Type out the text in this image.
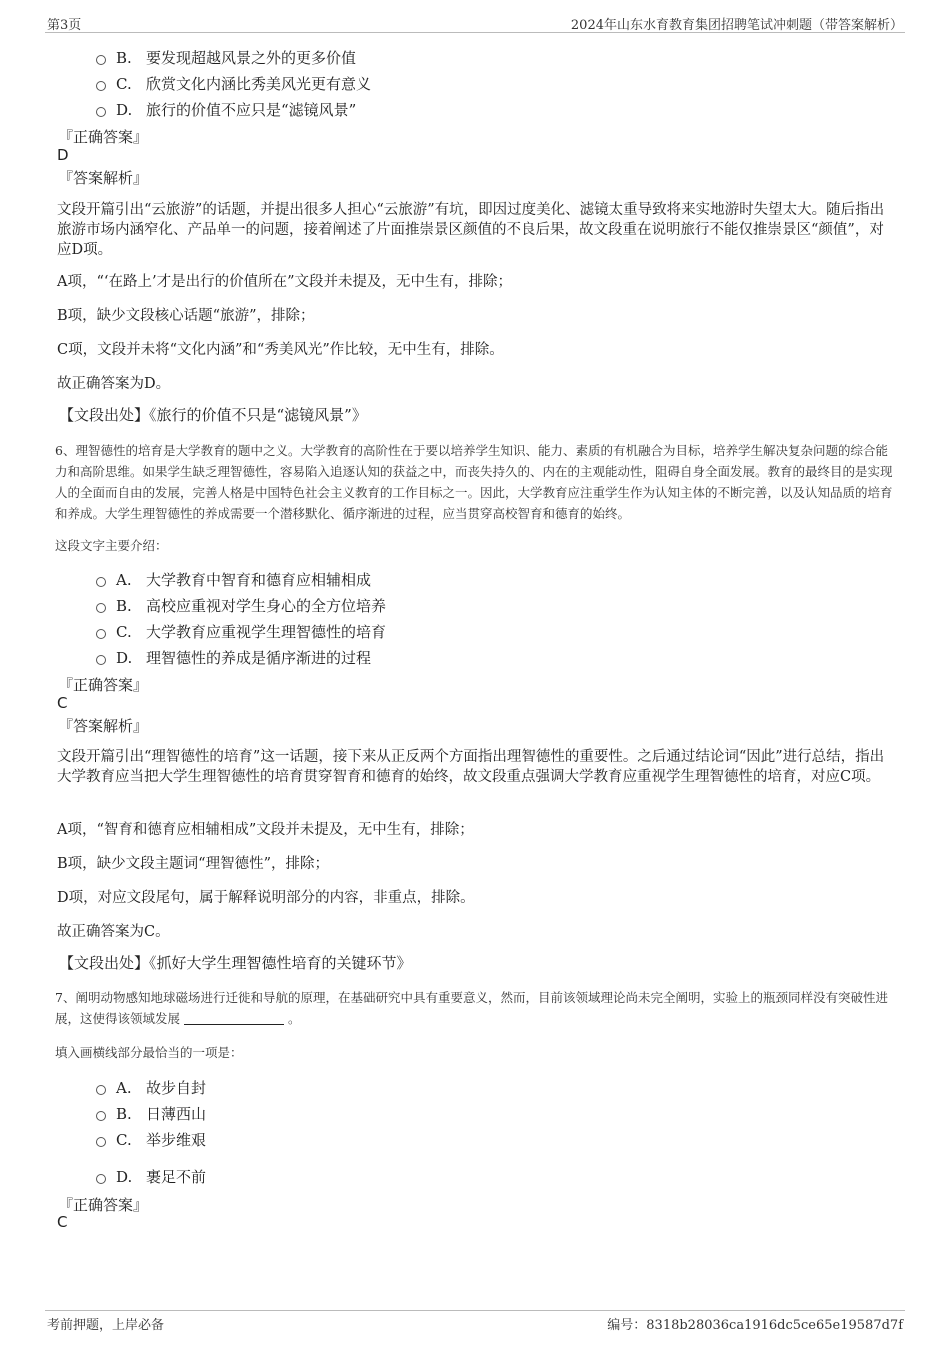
第3页	2024年山东水育教育集团招聘笔试冲刺题（带答案解析）
B. 要发现超越风景之外的更多价值
C. 欣赏文化内涵比秀美风光更有意义
D. 旅行的价值不应只是“滤镜风景”
『正确答案』
D
『答案解析』
文段开篇引出“云旅游”的话题，并提出很多人担心“云旅游”有坑，即因过度美化、滤镜太重导致将来实地游时失望太大。随后指出旅游市场内涵窄化、产品单一的问题，接着阐述了片面推崇景区颜值的不良后果，故文段重在说明旅行不能仅推崇景区“颜值”，对应D项。
A项，“‘在路上’才是出行的价值所在”文段并未提及，无中生有，排除；
B项，缺少文段核心话题“旅游”，排除；
C项，文段并未将“文化内涵”和“秀美风光”作比较，无中生有，排除。
故正确答案为D。
【文段出处】《旅行的价值不只是“滤镜风景”》
6、理智德性的培育是大学教育的题中之义。大学教育的高阶性在于要以培养学生知识、能力、素质的有机融合为目标，培养学生解决复杂问题的综合能力和高阶思维。如果学生缺乏理智德性，容易陷入追逐认知的获益之中，而丧失持久的、内在的主观能动性，阻碍自身全面发展。教育的最终目的是实现人的全面而自由的发展，完善人格是中国特色社会主义教育的工作目标之一。因此，大学教育应注重学生作为认知主体的不断完善，以及认知品质的培育和养成。大学生理智德性的养成需要一个潜移默化、循序渐进的过程，应当贯穿高校智育和德育的始终。
这段文字主要介绍：
A. 大学教育中智育和德育应相辅相成
B. 高校应重视对学生身心的全方位培养
C. 大学教育应重视学生理智德性的培育
D. 理智德性的养成是循序渐进的过程
『正确答案』
C
『答案解析』
文段开篇引出“理智德性的培育”这一话题，接下来从正反两个方面指出理智德性的重要性。之后通过结论词“因此”进行总结，指出大学教育应当把大学生理智德性的培育贯穿智育和德育的始终，故文段重点强调大学教育应重视学生理智德性的培育，对应C项。
A项，“智育和德育应相辅相成”文段并未提及，无中生有，排除；
B项，缺少文段主题词“理智德性”，排除；
D项，对应文段尾句，属于解释说明部分的内容，非重点，排除。
故正确答案为C。
【文段出处】《抓好大学生理智德性培育的关键环节》
7、阐明动物感知地球磁场进行迁徙和导航的原理，在基础研究中具有重要意义，然而，目前该领域理论尚未完全阐明，实验上的瓶颈同样没有突破性进展，这使得该领域发展	。
填入画横线部分最恰当的一项是：
A. 故步自封
B. 日薄西山
C. 举步维艰
D. 裹足不前
『正确答案』
C
考前押题，上岸必备	编号：8318b28036ca1916dc5ce65e19587d7f
